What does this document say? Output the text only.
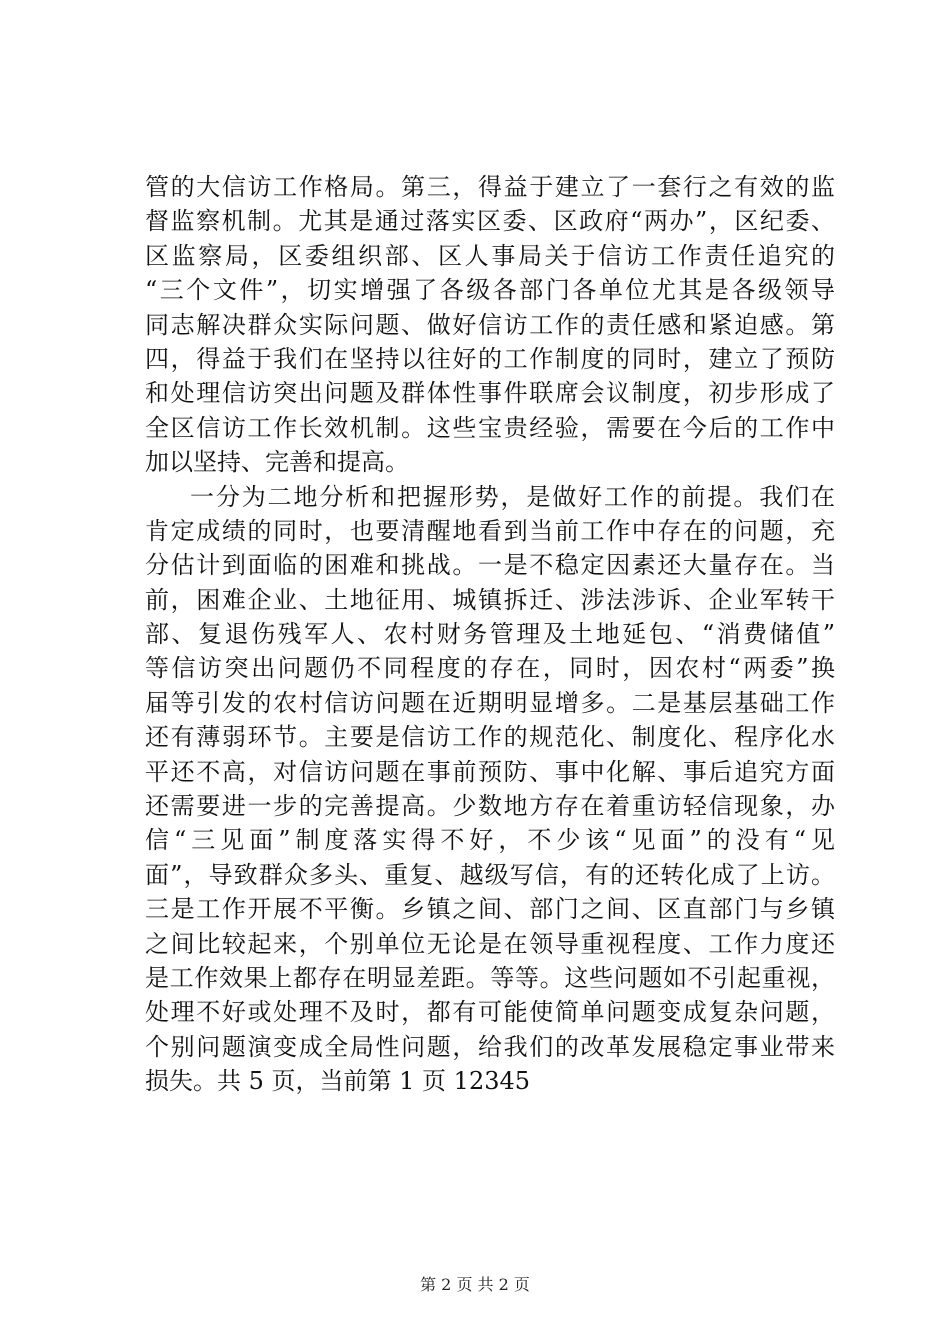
管的大信访工作格局。第三，得益于建立了一套行之有效的监
督监察机制。尤其是通过落实区委、区政府“两办”，区纪委、
区监察局，区委组织部、区人事局关于信访工作责任追究的
“三个文件”，切实增强了各级各部门各单位尤其是各级领导
同志解决群众实际问题、做好信访工作的责任感和紧迫感。第
四，得益于我们在坚持以往好的工作制度的同时，建立了预防
和处理信访突出问题及群体性事件联席会议制度，初步形成了
全区信访工作长效机制。这些宝贵经验，需要在今后的工作中
加以坚持、完善和提高。
一分为二地分析和把握形势，是做好工作的前提。我们在
肯定成绩的同时，也要清醒地看到当前工作中存在的问题，充
分估计到面临的困难和挑战。一是不稳定因素还大量存在。当
前，困难企业、土地征用、城镇拆迁、涉法涉诉、企业军转干
部、复退伤残军人、农村财务管理及土地延包、“消费储值”
等信访突出问题仍不同程度的存在，同时，因农村“两委”换
届等引发的农村信访问题在近期明显增多。二是基层基础工作
还有薄弱环节。主要是信访工作的规范化、制度化、程序化水
平还不高，对信访问题在事前预防、事中化解、事后追究方面
还需要进一步的完善提高。少数地方存在着重访轻信现象，办
信“三见面”制度落实得不好，不少该“见面”的没有“见
面”，导致群众多头、重复、越级写信，有的还转化成了上访。
三是工作开展不平衡。乡镇之间、部门之间、区直部门与乡镇
之间比较起来，个别单位无论是在领导重视程度、工作力度还
是工作效果上都存在明显差距。等等。这些问题如不引起重视，
处理不好或处理不及时，都有可能使简单问题变成复杂问题，
个别问题演变成全局性问题，给我们的改革发展稳定事业带来
损失。共 5 页，当前第 1 页 12345
第 2 页 共 2 页
